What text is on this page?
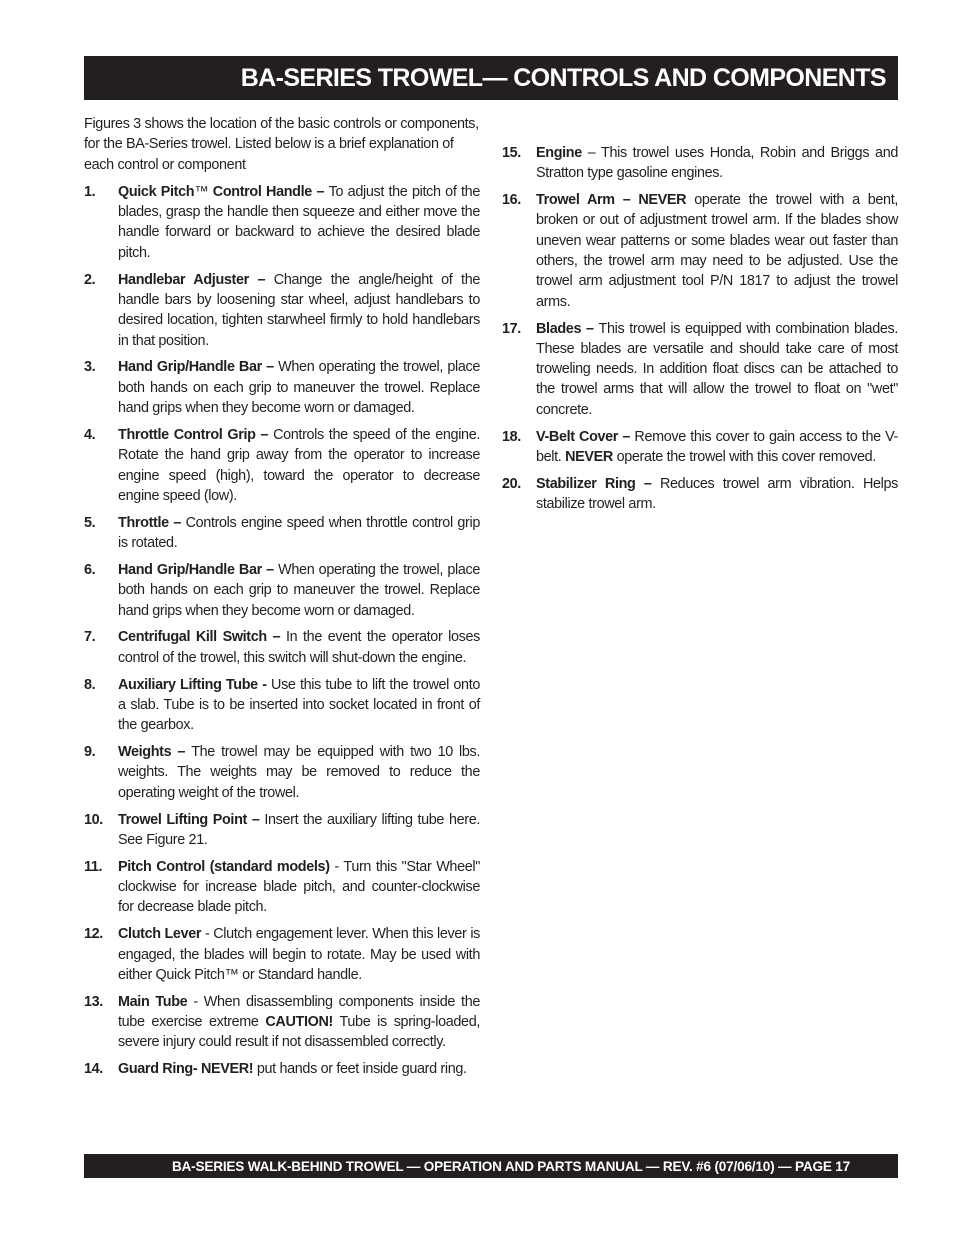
BA-SERIES TROWEL— CONTROLS AND COMPONENTS

Figures 3 shows the location of the basic controls or components, for the BA-Series trowel. Listed below is a brief explanation of each control or component

1.	Quick Pitch™ Control Handle – To adjust the pitch of the blades, grasp the handle then squeeze and either move the handle forward or backward to achieve the desired blade pitch.
2.	Handlebar Adjuster – Change the angle/height of the handle bars by loosening star wheel, adjust handlebars to desired location, tighten starwheel firmly to hold handlebars in that position.
3.	Hand Grip/Handle Bar – When operating the trowel, place both hands on each grip to maneuver the trowel. Replace hand grips when they become worn or damaged.
4.	Throttle Control Grip – Controls the speed of the engine. Rotate the hand grip away from the operator to increase engine speed (high), toward the operator to decrease engine speed (low).
5.	Throttle – Controls engine speed when throttle control grip is rotated.
6.	Hand Grip/Handle Bar – When operating the trowel, place both hands on each grip to maneuver the trowel. Replace hand grips when they become worn or damaged.
7.	Centrifugal Kill Switch – In the event the operator loses control of the trowel, this switch will shut-down the engine.
8.	Auxiliary Lifting Tube - Use this tube to lift the trowel onto a slab. Tube is to be inserted into socket located in front of the gearbox.
9.	Weights – The trowel may be equipped with two 10 lbs. weights. The weights may be removed to reduce the operating weight of the trowel.
10.	Trowel Lifting Point – Insert the auxiliary lifting tube here. See Figure 21.
11.	Pitch Control (standard models) - Turn this "Star Wheel" clockwise for increase blade pitch, and counter-clockwise for decrease blade pitch.
12.	Clutch Lever - Clutch engagement lever. When this lever is engaged, the blades will begin to rotate. May be used with either Quick Pitch™ or Standard handle.
13.	Main Tube - When disassembling components inside the tube exercise extreme CAUTION! Tube is spring-loaded, severe injury could result if not disassembled correctly.
14.	Guard Ring- NEVER! put hands or feet inside guard ring.
15.	Engine – This trowel uses Honda, Robin and Briggs and Stratton type gasoline engines.
16.	Trowel Arm – NEVER operate the trowel with a bent, broken or out of adjustment trowel arm. If the blades show uneven wear patterns or some blades wear out faster than others, the trowel arm may need to be adjusted. Use the trowel arm adjustment tool P/N 1817 to adjust the trowel arms.
17.	Blades – This trowel is equipped with combination blades. These blades are versatile and should take care of most troweling needs. In addition float discs can be attached to the trowel arms that will allow the trowel to float on "wet" concrete.
18.	V-Belt Cover – Remove this cover to gain access to the V-belt. NEVER operate the trowel with this cover removed.
20.	Stabilizer Ring – Reduces trowel arm vibration. Helps stabilize trowel arm.
BA-SERIES WALK-BEHIND TROWEL — OPERATION AND PARTS MANUAL — REV. #6 (07/06/10) — PAGE 17
